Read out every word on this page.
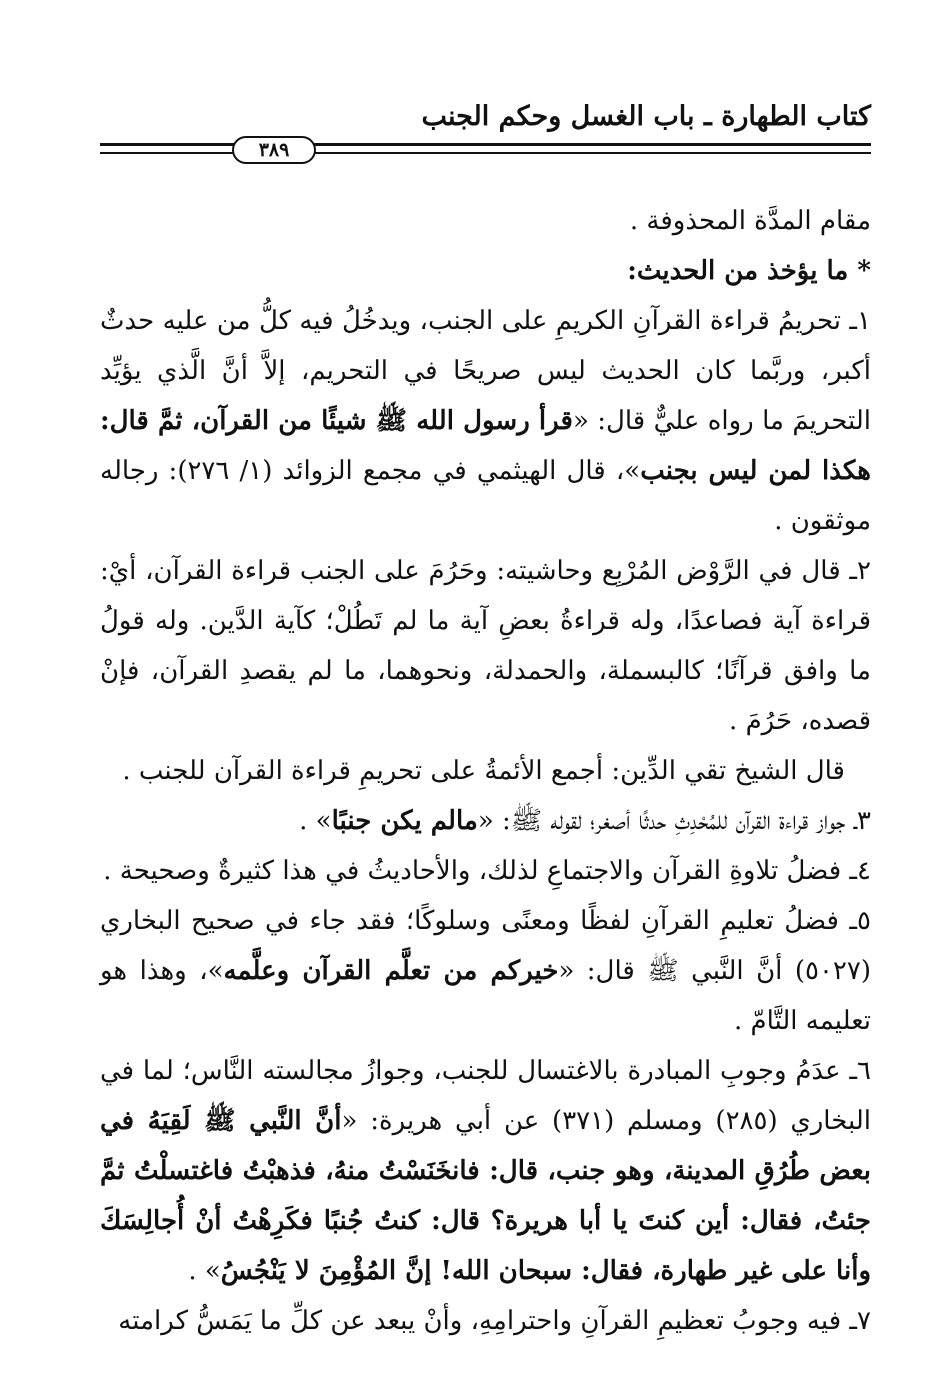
كتاب الطهارة ـ باب الغسل وحكم الجنب
٣٨٩

مقام المدَّة المحذوفة .

* ما يؤخذ من الحديث:

١ـ تحريمُ قراءة القرآنِ الكريمِ على الجنب، ويدخُلُ فيه كلُّ من عليه حدثٌ أكبر، وربَّما كان الحديث ليس صريحًا في التحريم، إلاَّ أنَّ الَّذي يؤيِّد التحريمَ ما رواه عليٌّ قال: «قرأ رسول الله ﷺ شيئًا من القرآن، ثمَّ قال: هكذا لمن ليس بجنب»، قال الهيثمي في مجمع الزوائد (١/ ٢٧٦): رجاله موثقون .

٢ـ قال في الرَّوْض المُرْبِع وحاشيته: وحَرُمَ على الجنب قراءة القرآن، أيْ: قراءة آية فصاعدًا، وله قراءةُ بعضِ آية ما لم تَطُلْ؛ كآية الدَّين. وله قولُ ما وافق قرآنًا؛ كالبسملة، والحمدلة، ونحوهما، ما لم يقصدِ القرآن، فإنْ قصده، حَرُمَ .

قال الشيخ تقي الدِّين: أجمع الأئمةُ على تحريمِ قراءة القرآن للجنب .

٣ـ جواز قراءة القرآن للمُحْدِثِ حدثًا أصغر؛ لقوله ﷺ: «مالم يكن جنبًا» .

٤ـ فضلُ تلاوةِ القرآن والاجتماعِ لذلك، والأحاديثُ في هذا كثيرةٌ وصحيحة .

٥ـ فضلُ تعليمِ القرآنِ لفظًا ومعنًى وسلوكًا؛ فقد جاء في صحيح البخاري (٥٠٢٧) أنَّ النَّبي ﷺ قال: «خيركم من تعلَّم القرآن وعلَّمه»، وهذا هو تعليمه التَّامّ .

٦ـ عدَمُ وجوبِ المبادرة بالاغتسال للجنب، وجوازُ مجالسته النَّاس؛ لما في البخاري (٢٨٥) ومسلم (٣٧١) عن أبي هريرة: «أنَّ النَّبي ﷺ لَقِيَهُ في بعض طُرُقِ المدينة، وهو جنب، قال: فانخَنَسْتُ منهُ، فذهبْتُ فاغتسلْتُ ثمَّ جئتُ، فقال: أين كنتَ يا أبا هريرة؟ قال: كنتُ جُنبًا فكَرِهْتُ أنْ أُجالِسَكَ وأنا على غير طهارة، فقال: سبحان الله! إنَّ المُؤْمِنَ لا يَنْجُسُ» .

٧ـ فيه وجوبُ تعظيمِ القرآنِ واحترامِهِ، وأنْ يبعد عن كلِّ ما يَمَسُّ كرامته
